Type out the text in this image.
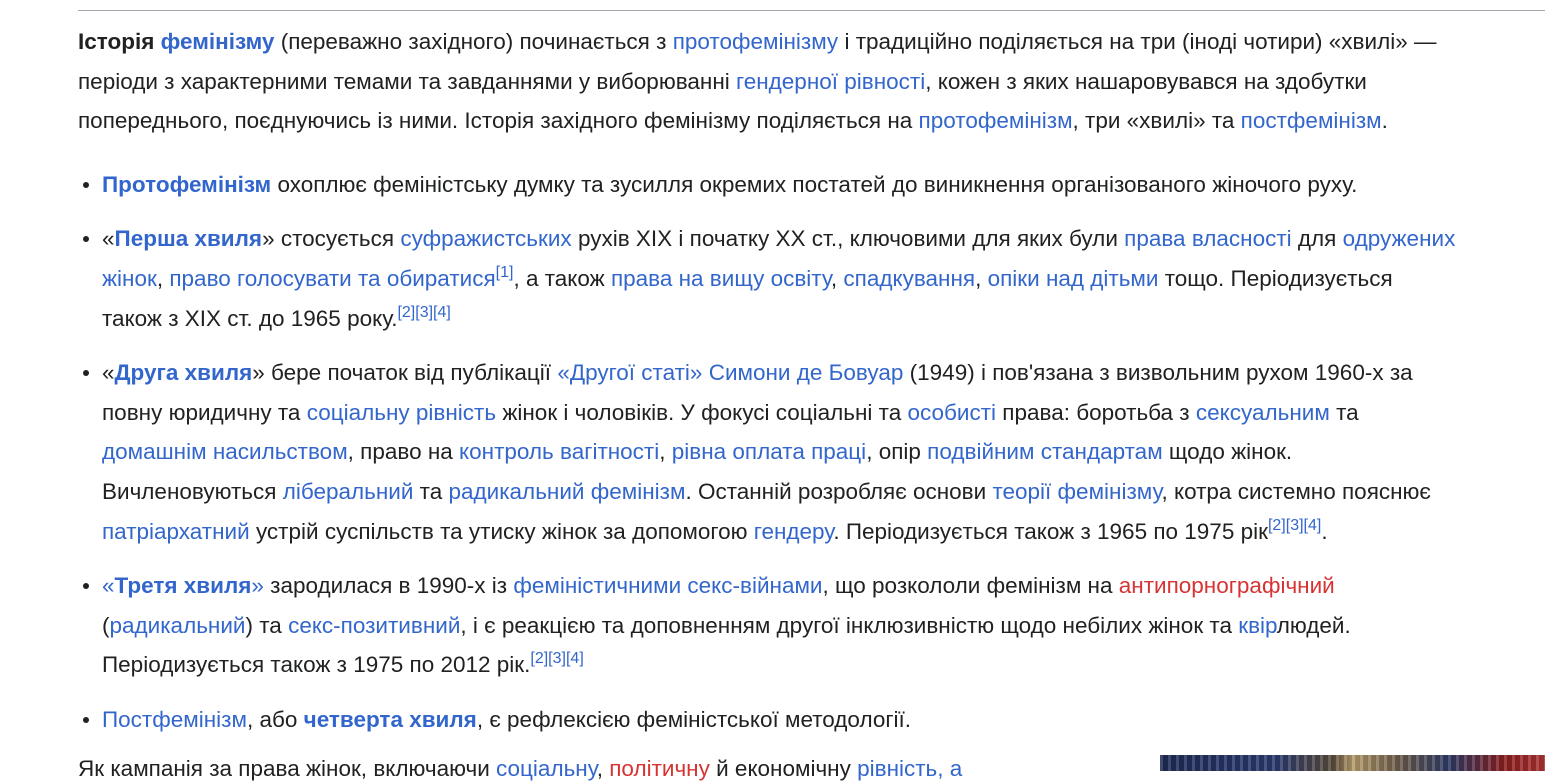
Історія фемінізму (переважно західного) починається з протофемінізму і традиційно поділяється на три (іноді чотири) «хвилі» —
періоди з характерними темами та завданнями у виборюванні гендерної рівності, кожен з яких нашаровувався на здобутки
попереднього, поєднуючись із ними. Історія західного фемінізму поділяється на протофемінізм, три «хвилі» та постфемінізм.

Протофемінізм охоплює феміністську думку та зусилля окремих постатей до виникнення організованого жіночого руху.
«Перша хвиля» стосується суфражистських рухів XIX і початку XX ст., ключовими для яких були права власності для одружених
жінок, право голосувати та обиратися[1], а також права на вищу освіту, спадкування, опіки над дітьми тощо. Періодизується
також з XIX ст. до 1965 року.[2][3][4]
«Друга хвиля» бере початок від публікації «Другої статі» Симони де Бовуар (1949) і пов'язана з визвольним рухом 1960-х за
повну юридичну та соціальну рівність жінок і чоловіків. У фокусі соціальні та особисті права: боротьба з сексуальним та
домашнім насильством, право на контроль вагітності, рівна оплата праці, опір подвійним стандартам щодо жінок.
Вичленовуються ліберальний та радикальний фемінізм. Останній розробляє основи теорії фемінізму, котра системно пояснює
патріархатний устрій суспільств та утиску жінок за допомогою гендеру. Періодизується також з 1965 по 1975 рік[2][3][4].
«Третя хвиля» зародилася в 1990-х із феміністичними секс-війнами, що розкололи фемінізм на антипорнографічний
(радикальний) та секс-позитивний, і є реакцією та доповненням другої інклюзивністю щодо небілих жінок та квірлюдей.
Періодизується також з 1975 по 2012 рік.[2][3][4]
Постфемінізм, або четверта хвиля, є рефлексією феміністської методології.
Як кампанія за права жінок, включаючи соціальну, політичну й економічну рівність, а
